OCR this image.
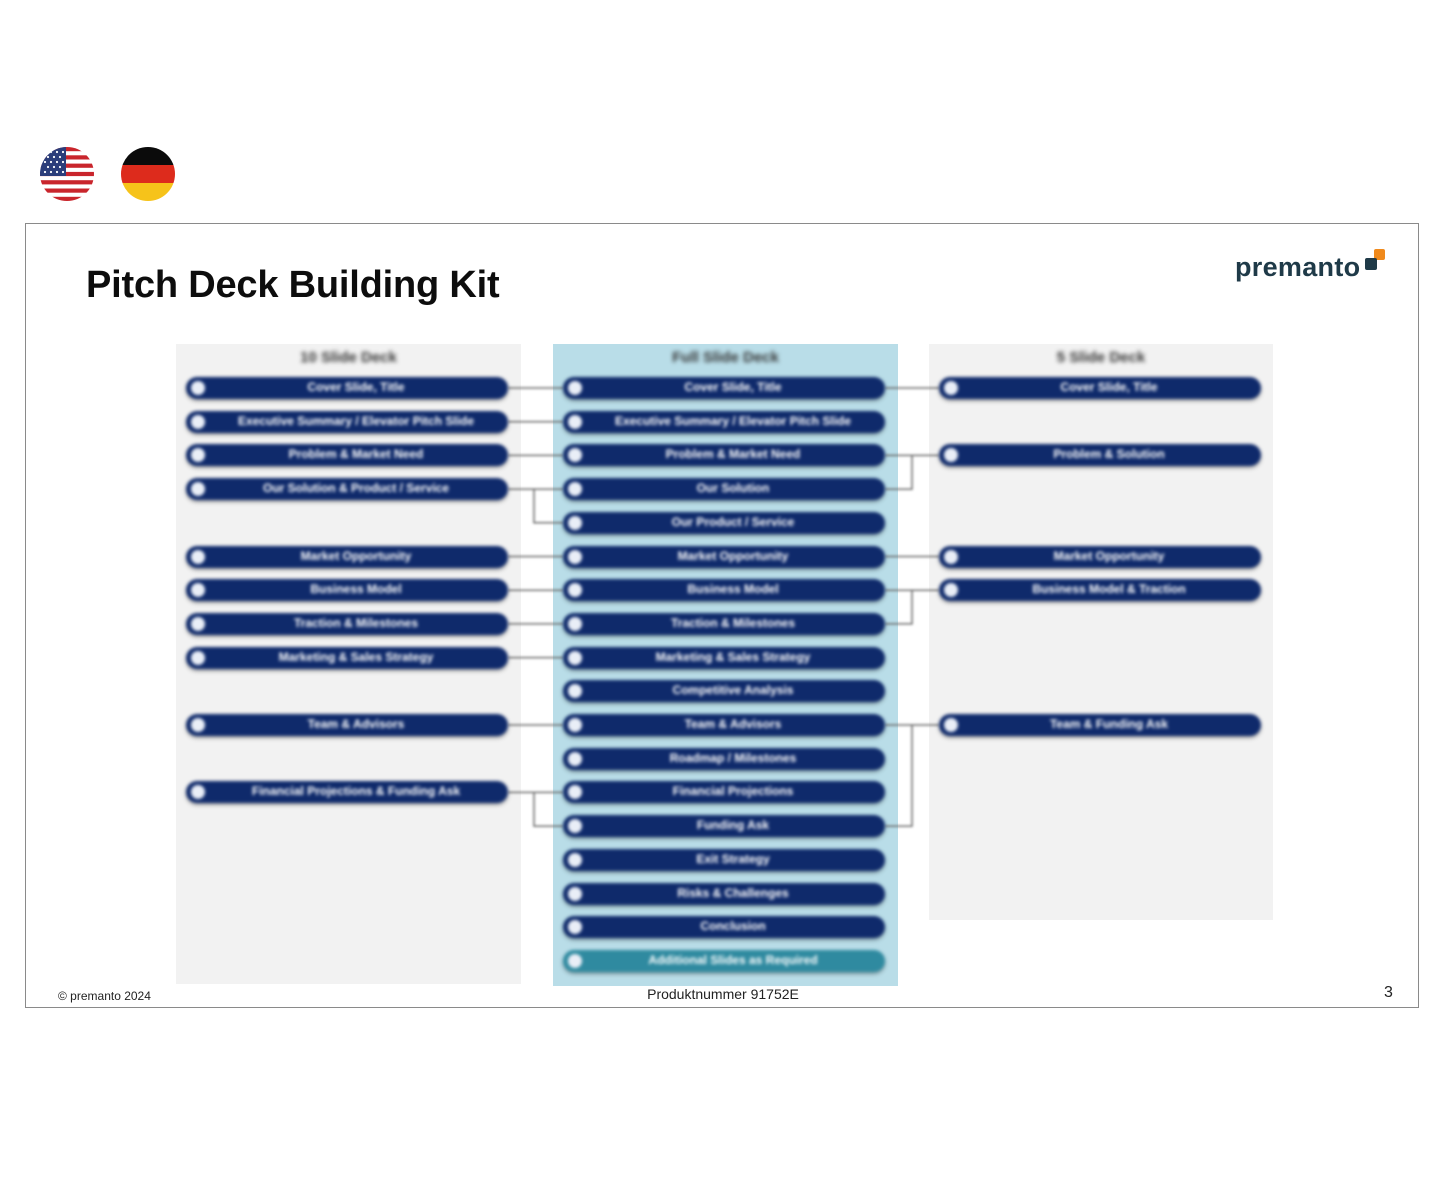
Pitch Deck Building Kit	premanto
10 Slide Deck
Cover Slide, Title
Executive Summary / Elevator Pitch Slide
Problem & Market Need
Our Solution & Product / Service
Market Opportunity
Business Model
Traction & Milestones
Marketing & Sales Strategy
Team & Advisors
Financial Projections & Funding Ask
Full Slide Deck
Cover Slide, Title
Executive Summary / Elevator Pitch Slide
Problem & Market Need
Our Solution
Our Product / Service
Market Opportunity
Business Model
Traction & Milestones
Marketing & Sales Strategy
Competitive Analysis
Team & Advisors
Roadmap / Milestones
Financial Projections
Funding Ask
Exit Strategy
Risks & Challenges
Conclusion
Additional Slides as Required
5 Slide Deck
Cover Slide, Title
Problem & Solution
Market Opportunity
Business Model & Traction
Team & Funding Ask
© premanto 2024	Produktnummer 91752E	3
